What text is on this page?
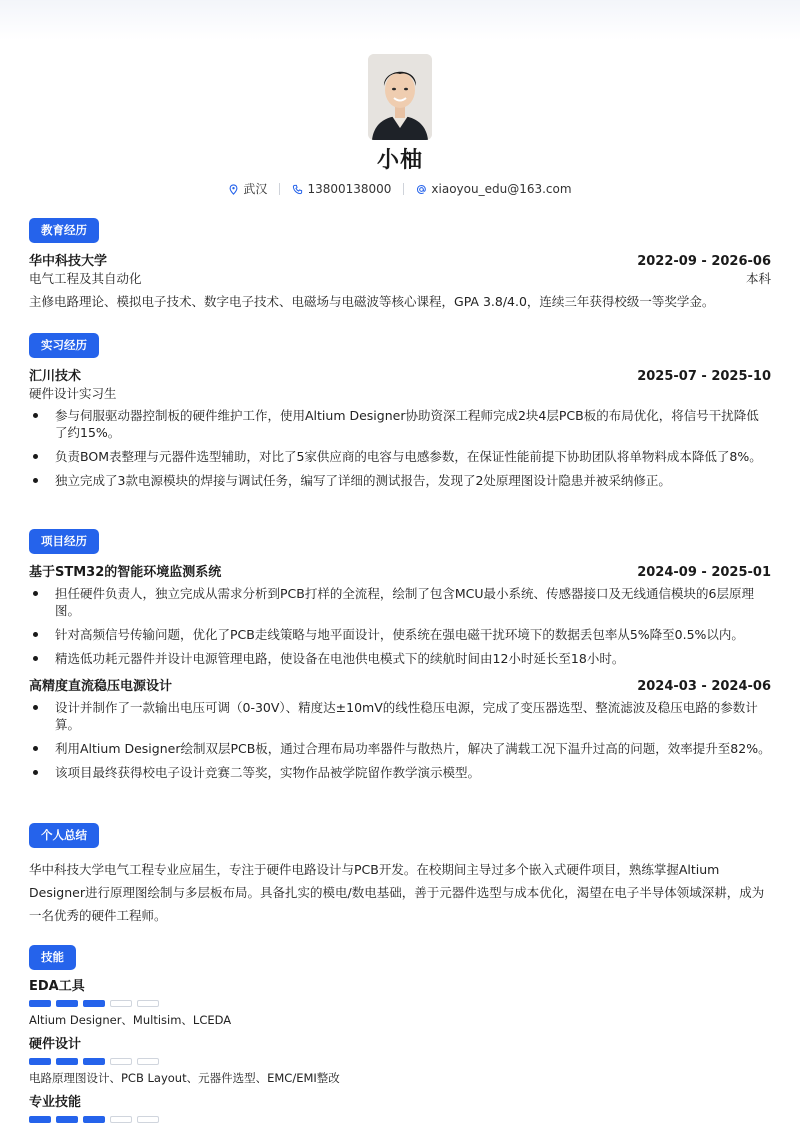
小柚
武汉	13800138000	xiaoyou_edu@163.com
教育经历
华中科技大学	2022-09 - 2026-06
电气工程及其自动化	本科
主修电路理论、模拟电子技术、数字电子技术、电磁场与电磁波等核心课程，GPA 3.8/4.0，连续三年获得校级一等奖学金。
实习经历
汇川技术	2025-07 - 2025-10
硬件设计实习生
参与伺服驱动器控制板的硬件维护工作，使用Altium Designer协助资深工程师完成2块4层PCB板的布局优化，将信号干扰降低了约15%。
负责BOM表整理与元器件选型辅助，对比了5家供应商的电容与电感参数，在保证性能前提下协助团队将单物料成本降低了8%。
独立完成了3款电源模块的焊接与调试任务，编写了详细的测试报告，发现了2处原理图设计隐患并被采纳修正。
项目经历
基于STM32的智能环境监测系统	2024-09 - 2025-01
担任硬件负责人，独立完成从需求分析到PCB打样的全流程，绘制了包含MCU最小系统、传感器接口及无线通信模块的6层原理图。
针对高频信号传输问题，优化了PCB走线策略与地平面设计，使系统在强电磁干扰环境下的数据丢包率从5%降至0.5%以内。
精选低功耗元器件并设计电源管理电路，使设备在电池供电模式下的续航时间由12小时延长至18小时。
高精度直流稳压电源设计	2024-03 - 2024-06
设计并制作了一款输出电压可调（0-30V）、精度达±10mV的线性稳压电源，完成了变压器选型、整流滤波及稳压电路的参数计算。
利用Altium Designer绘制双层PCB板，通过合理布局功率器件与散热片，解决了满载工况下温升过高的问题，效率提升至82%。
该项目最终获得校电子设计竞赛二等奖，实物作品被学院留作教学演示模型。
个人总结
华中科技大学电气工程专业应届生，专注于硬件电路设计与PCB开发。在校期间主导过多个嵌入式硬件项目，熟练掌握Altium Designer进行原理图绘制与多层板布局。具备扎实的模电/数电基础，善于元器件选型与成本优化，渴望在电子半导体领域深耕，成为一名优秀的硬件工程师。
技能
EDA工具
Altium Designer、Multisim、LCEDA
硬件设计
电路原理图设计、PCB Layout、元器件选型、EMC/EMI整改
专业技能
